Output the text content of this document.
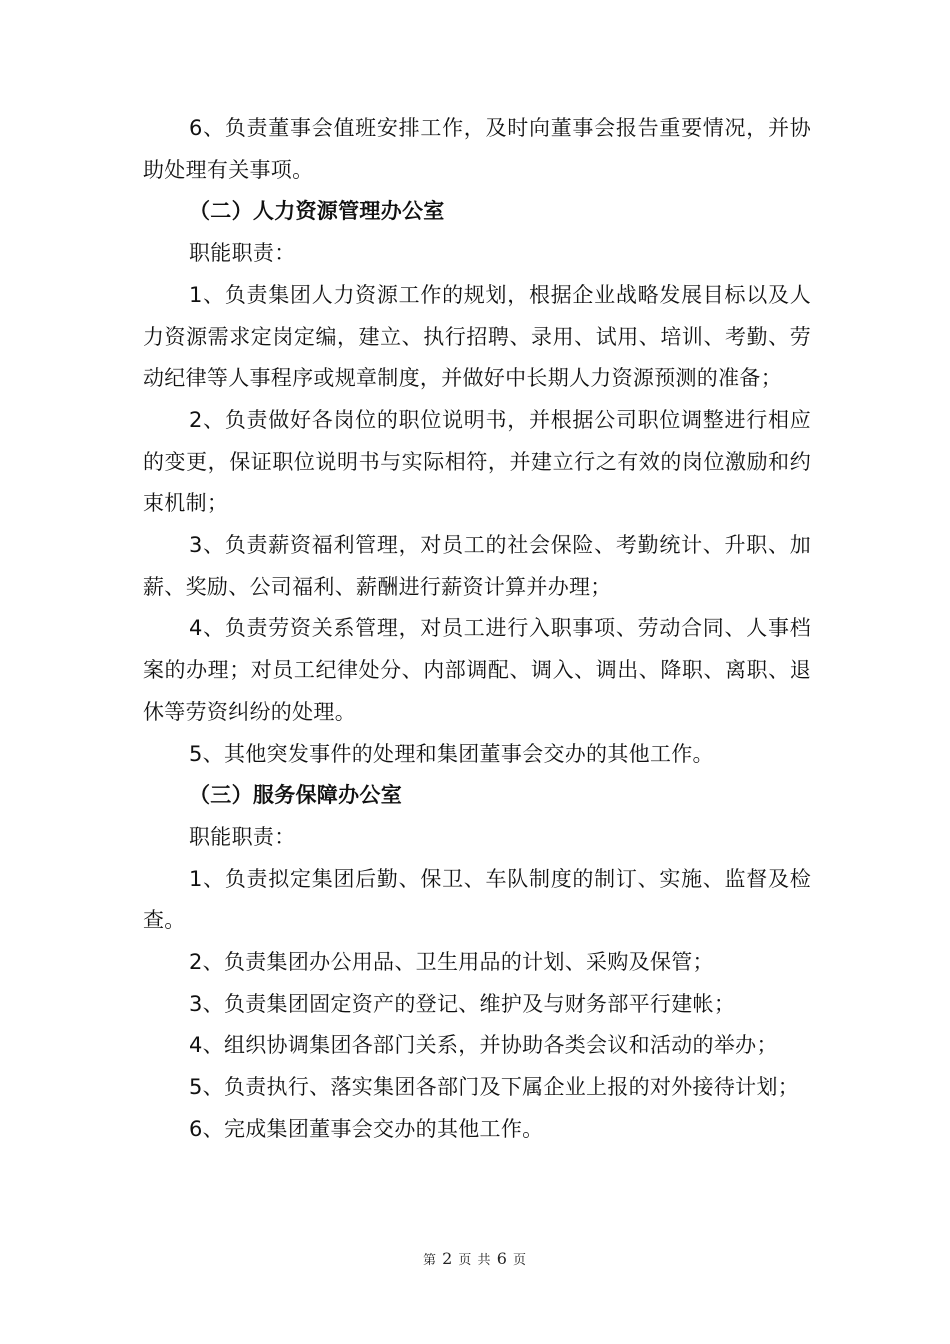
6、负责董事会值班安排工作，及时向董事会报告重要情况，并协助处理有关事项。

（二）人力资源管理办公室

职能职责：

1、负责集团人力资源工作的规划，根据企业战略发展目标以及人力资源需求定岗定编，建立、执行招聘、录用、试用、培训、考勤、劳动纪律等人事程序或规章制度，并做好中长期人力资源预测的准备；

2、负责做好各岗位的职位说明书，并根据公司职位调整进行相应的变更，保证职位说明书与实际相符，并建立行之有效的岗位激励和约束机制；

3、负责薪资福利管理，对员工的社会保险、考勤统计、升职、加薪、奖励、公司福利、薪酬进行薪资计算并办理；

4、负责劳资关系管理，对员工进行入职事项、劳动合同、人事档案的办理；对员工纪律处分、内部调配、调入、调出、降职、离职、退休等劳资纠纷的处理。

5、其他突发事件的处理和集团董事会交办的其他工作。

（三）服务保障办公室

职能职责：

1、负责拟定集团后勤、保卫、车队制度的制订、实施、监督及检查。

2、负责集团办公用品、卫生用品的计划、采购及保管；

3、负责集团固定资产的登记、维护及与财务部平行建帐；

4、组织协调集团各部门关系，并协助各类会议和活动的举办；

5、负责执行、落实集团各部门及下属企业上报的对外接待计划；

6、完成集团董事会交办的其他工作。

第 2 页 共 6 页
